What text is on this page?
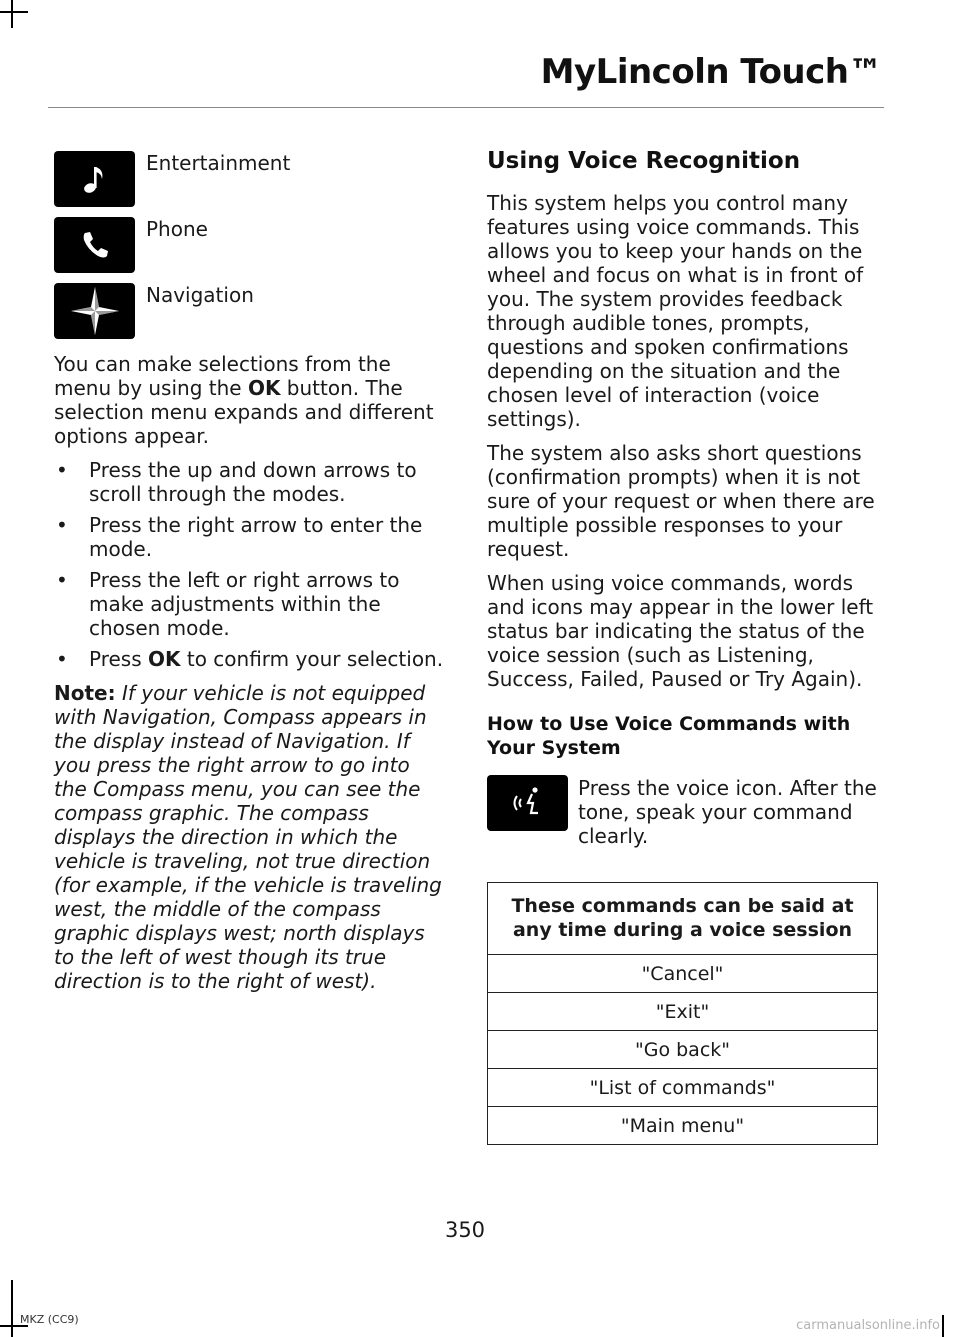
MyLincoln Touch™
Entertainment
Phone
Navigation

You can make selections from the menu by using the OK button. The selection menu expands and different options appear.

• Press the up and down arrows to scroll through the modes.
• Press the right arrow to enter the mode.
• Press the left or right arrows to make adjustments within the chosen mode.
• Press OK to confirm your selection.

Note: If your vehicle is not equipped with Navigation, Compass appears in the display instead of Navigation. If you press the right arrow to go into the Compass menu, you can see the compass graphic. The compass displays the direction in which the vehicle is traveling, not true direction (for example, if the vehicle is traveling west, the middle of the compass graphic displays west; north displays to the left of west though its true direction is to the right of west).

Using Voice Recognition

This system helps you control many features using voice commands. This allows you to keep your hands on the wheel and focus on what is in front of you. The system provides feedback through audible tones, prompts, questions and spoken confirmations depending on the situation and the chosen level of interaction (voice settings).

The system also asks short questions (confirmation prompts) when it is not sure of your request or when there are multiple possible responses to your request.

When using voice commands, words and icons may appear in the lower left status bar indicating the status of the voice session (such as Listening, Success, Failed, Paused or Try Again).

How to Use Voice Commands with Your System
Press the voice icon. After the tone, speak your command clearly.
These commands can be said at any time during a voice session
"Cancel"
"Exit"
"Go back"
"List of commands"
"Main menu"
350
MKZ (CC9)	carmanualsonline.info
